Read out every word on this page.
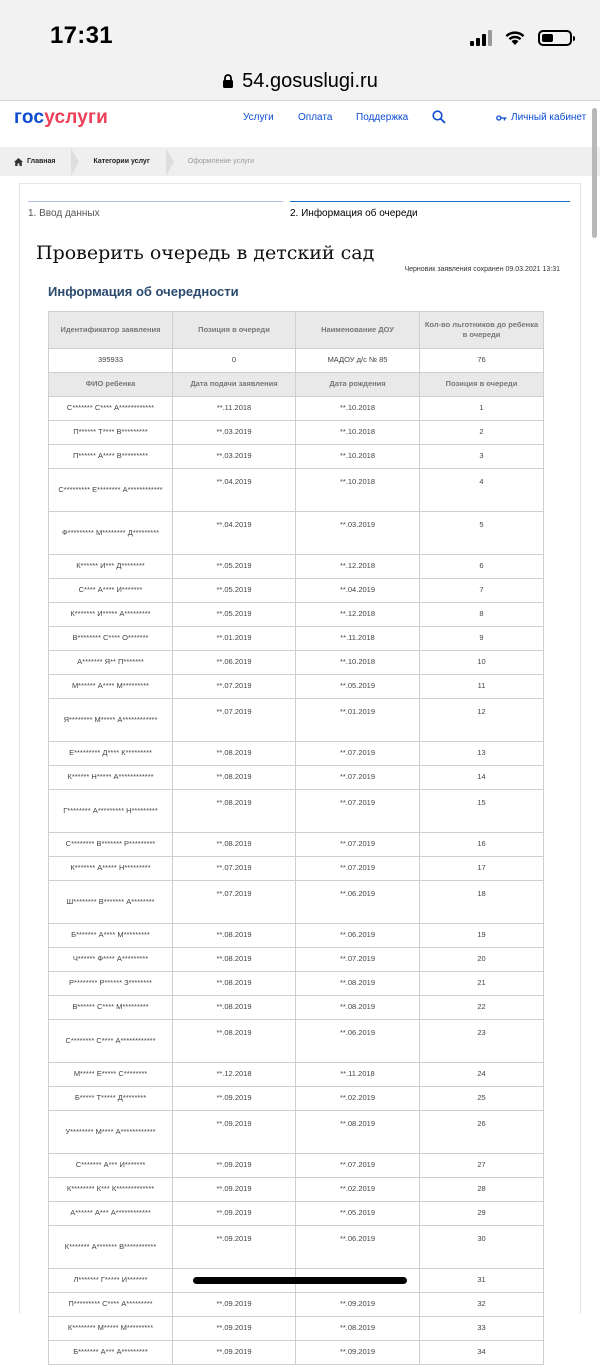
17:31
54.gosuslugi.ru
госуслуги	Услуги Оплата Поддержка	Личный кабинет
Главная	Категории услуг	Оформление услуги
1. Ввод данных	2. Информация об очереди
Проверить очередь в детский сад
Черновик заявления сохранен 09.03.2021 13:31
Информация об очередности
Идентификатор заявления	Позиция в очереди	Наименование ДОУ	Кол-во льготников до ребенка в очереди
395933	0	МАДОУ д/с № 85	76
ФИО ребенка	Дата подачи заявления	Дата рождения	Позиция в очереди
С******* С**** А************	**.11.2018	**.10.2018	1
П****** Т**** В*********	**.03.2019	**.10.2018	2
П****** А**** В*********	**.03.2019	**.10.2018	3
С********* Е******** А************	**.04.2019	**.10.2018	4
Ф********* М******** Д*********	**.04.2019	**.03.2019	5
К****** И*** Д********	**.05.2019	**.12.2018	6
С**** А**** И*******	**.05.2019	**.04.2019	7
К******* И***** А*********	**.05.2019	**.12.2018	8
В******** С**** О*******	**.01.2019	**.11.2018	9
А******* Я** П*******	**.06.2019	**.10.2018	10
М****** А**** М*********	**.07.2019	**.05.2019	11
Я******** М***** А************	**.07.2019	**.01.2019	12
Е********* Д**** К*********	**.08.2019	**.07.2019	13
К****** Н***** А************	**.08.2019	**.07.2019	14
Г******** А********* Н*********	**.08.2019	**.07.2019	15
С******** В******* Р*********	**.08.2019	**.07.2019	16
К******* А***** Н*********	**.07.2019	**.07.2019	17
Ш******** В******* А********	**.07.2019	**.06.2019	18
Б******* А**** М*********	**.08.2019	**.06.2019	19
Ч****** Ф**** А*********	**.08.2019	**.07.2019	20
Р******** Р****** З********	**.08.2019	**.08.2019	21
В****** С**** М*********	**.08.2019	**.08.2019	22
С******** С**** А************	**.08.2019	**.06.2019	23
М***** Е***** С********	**.12.2018	**.11.2018	24
Б***** Т***** Д********	**.09.2019	**.02.2019	25
У******** М**** А************	**.09.2019	**.08.2019	26
С******* А*** И*******	**.09.2019	**.07.2019	27
К******** К*** К*************	**.09.2019	**.02.2019	28
А****** А*** А************	**.09.2019	**.05.2019	29
К******* А******* В***********	**.09.2019	**.06.2019	30
Л******* Г***** И*******			31
П********* С**** А*********	**.09.2019	**.09.2019	32
К******** М***** М*********	**.09.2019	**.08.2019	33
Б******* А*** А*********	**.09.2019	**.09.2019	34
